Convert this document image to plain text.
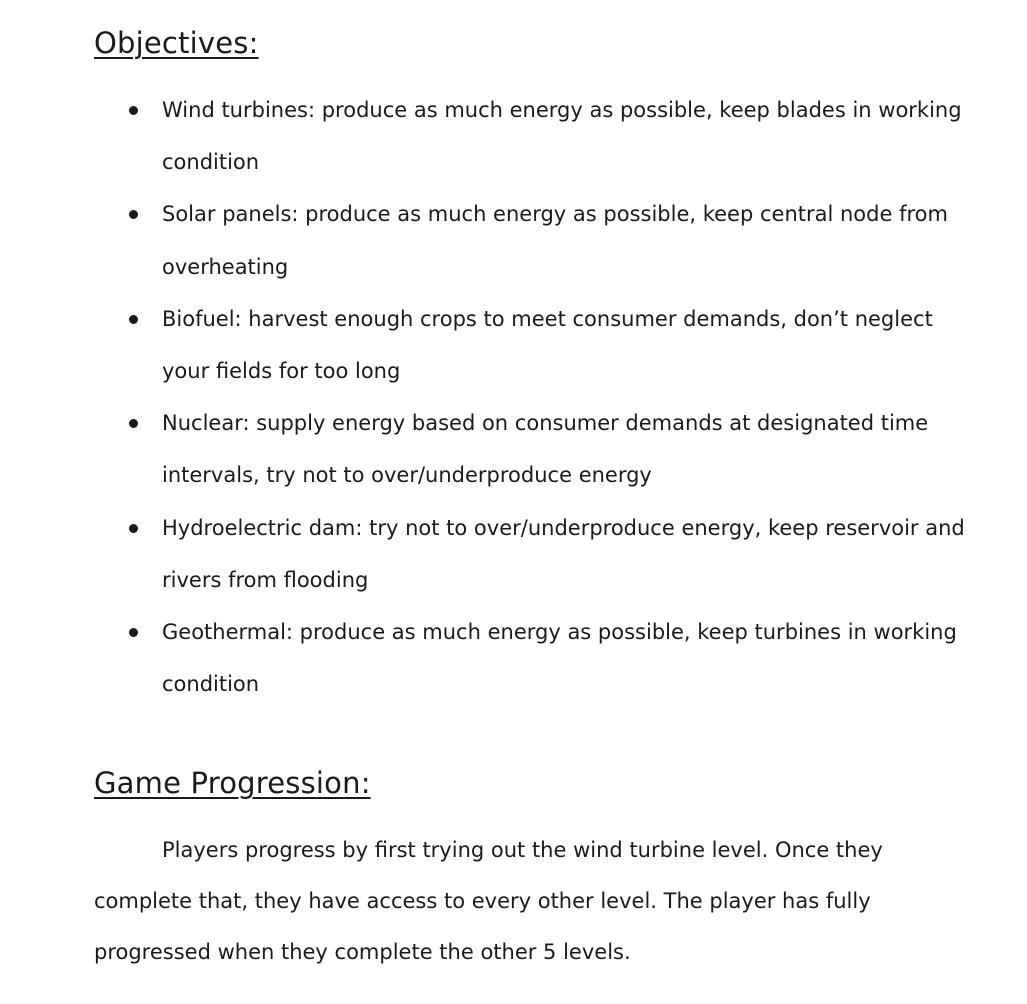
Objectives:
Wind turbines: produce as much energy as possible, keep blades in working condition
Solar panels: produce as much energy as possible, keep central node from overheating
Biofuel: harvest enough crops to meet consumer demands, don’t neglect your fields for too long
Nuclear: supply energy based on consumer demands at designated time intervals, try not to over/underproduce energy
Hydroelectric dam: try not to over/underproduce energy, keep reservoir and rivers from flooding
Geothermal: produce as much energy as possible, keep turbines in working condition
Game Progression:

Players progress by first trying out the wind turbine level. Once they complete that, they have access to every other level. The player has fully progressed when they complete the other 5 levels.
